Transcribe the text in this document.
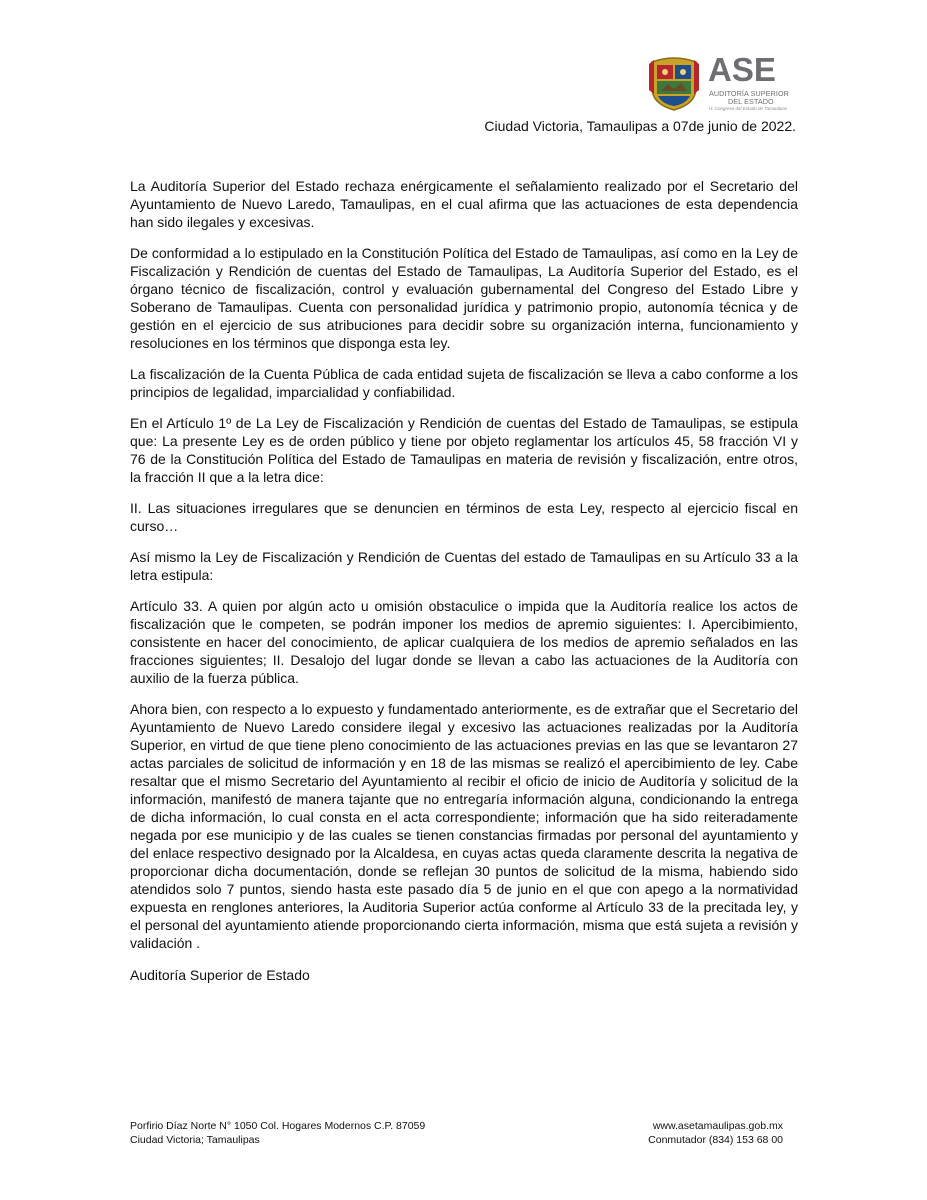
ASE
AUDITORÍA SUPERIOR
DEL ESTADO
H. Congreso del Estado de Tamaulipas
Ciudad Victoria, Tamaulipas a 07de junio de 2022.

La Auditoría Superior del Estado rechaza enérgicamente el señalamiento realizado por el Secretario del Ayuntamiento de Nuevo Laredo, Tamaulipas, en el cual afirma que las actuaciones de esta dependencia han sido ilegales y excesivas.

De conformidad a lo estipulado en la Constitución Política del Estado de Tamaulipas, así como en la Ley de Fiscalización y Rendición de cuentas del Estado de Tamaulipas, La Auditoría Superior del Estado, es el órgano técnico de fiscalización, control y evaluación gubernamental del Congreso del Estado Libre y Soberano de Tamaulipas. Cuenta con personalidad jurídica y patrimonio propio, autonomía técnica y de gestión en el ejercicio de sus atribuciones para decidir sobre su organización interna, funcionamiento y resoluciones en los términos que disponga esta ley.

La fiscalización de la Cuenta Pública de cada entidad sujeta de fiscalización se lleva a cabo conforme a los principios de legalidad, imparcialidad y confiabilidad.

En el Artículo 1º de La Ley de Fiscalización y Rendición de cuentas del Estado de Tamaulipas, se estipula que: La presente Ley es de orden público y tiene por objeto reglamentar los artículos 45, 58 fracción VI y 76 de la Constitución Política del Estado de Tamaulipas en materia de revisión y fiscalización, entre otros, la fracción II que a la letra dice:

II. Las situaciones irregulares que se denuncien en términos de esta Ley, respecto al ejercicio fiscal en curso…

Así mismo la Ley de Fiscalización y Rendición de Cuentas del estado de Tamaulipas en su Artículo 33 a la letra estipula:

Artículo 33. A quien por algún acto u omisión obstaculice o impida que la Auditoría realice los actos de fiscalización que le competen, se podrán imponer los medios de apremio siguientes: I. Apercibimiento, consistente en hacer del conocimiento, de aplicar cualquiera de los medios de apremio señalados en las fracciones siguientes; II. Desalojo del lugar donde se llevan a cabo las actuaciones de la Auditoría con auxilio de la fuerza pública.

Ahora bien, con respecto a lo expuesto y fundamentado anteriormente, es de extrañar que el Secretario del Ayuntamiento de Nuevo Laredo considere ilegal y excesivo las actuaciones realizadas por la Auditoría Superior, en virtud de que tiene pleno conocimiento de las actuaciones previas en las que se levantaron 27 actas parciales de solicitud de información y en 18 de las mismas se realizó el apercibimiento de ley. Cabe resaltar que el mismo Secretario del Ayuntamiento al recibir el oficio de inicio de Auditoría y solicitud de la información, manifestó de manera tajante que no entregaría información alguna, condicionando la entrega de dicha información, lo cual consta en el acta correspondiente; información que ha sido reiteradamente negada por ese municipio y de las cuales se tienen constancias firmadas por personal del ayuntamiento y del enlace respectivo designado por la Alcaldesa, en cuyas actas queda claramente descrita la negativa de proporcionar dicha documentación, donde se reflejan 30 puntos de solicitud de la misma, habiendo sido atendidos solo 7 puntos, siendo hasta este pasado día 5 de junio en el que con apego a la normatividad expuesta en renglones anteriores, la Auditoria Superior actúa conforme al Artículo 33 de la precitada ley, y el personal del ayuntamiento atiende proporcionando cierta información, misma que está sujeta a revisión y validación .

Auditoría Superior de Estado

Porfirio Díaz Norte N° 1050 Col. Hogares Modernos C.P. 87059
Ciudad Victoria; Tamaulipas
www.asetamaulipas.gob.mx
Conmutador (834) 153 68 00
